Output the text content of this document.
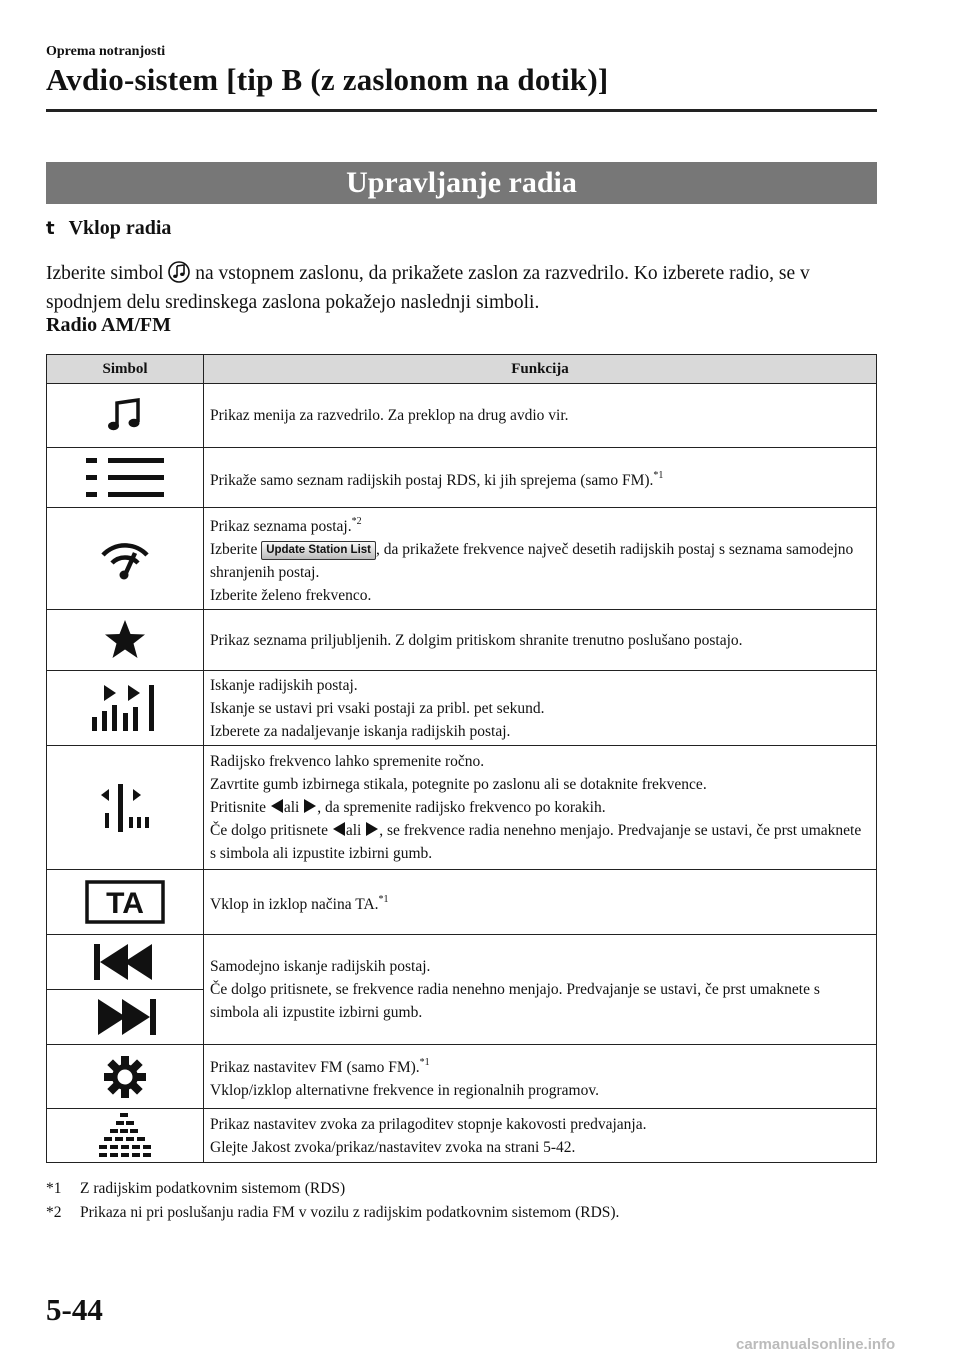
Oprema notranjosti
Avdio-sistem [tip B (z zaslonom na dotik)]
Upravljanje radia
t Vklop radia
Izberite simbol na vstopnem zaslonu, da prikažete zaslon za razvedrilo. Ko izberete radio, se v spodnjem delu sredinskega zaslona pokažejo naslednji simboli.
Radio AM/FM
Simbol	Funkcija

	Prikaz menija za razvedrilo. Za preklop na drug avdio vir.

	Prikaže samo seznam radijskih postaj RDS, ki jih sprejema (samo FM).$^{*1}$

Prikaz seznama postaj.$^{*2}$
Izberite Update Station List , da prikažete frekvence največ desetih radijskih postaj s seznama samodejno shranjenih postaj.
Izberite želeno frekvenco.

	Prikaz seznama priljubljenih. Z dolgim pritiskom shranite trenutno poslušano postajo.

Iskanje radijskih postaj.
Iskanje se ustavi pri vsaki postaji za pribl. pet sekund.
Izberete za nadaljevanje iskanja radijskih postaj.

Radijsko frekvenco lahko spremenite ročno.
Zavrtite gumb izbirnega stikala, potegnite po zaslonu ali se dotaknite frekvence.
Pritisnite ali , da spremenite radijsko frekvenco po korakih.
Če dolgo pritisnete ali , se frekvence radia nenehno menjajo. Predvajanje se ustavi, če prst umaknete s simbola ali izpustite izbirni gumb.

TA	Vklop in izklop načina TA.$^{*1}$

Samodejno iskanje radijskih postaj.
Če dolgo pritisnete, se frekvence radia nenehno menjajo. Predvajanje se ustavi, če prst umaknete s simbola ali izpustite izbirni gumb.

Prikaz nastavitev FM (samo FM).$^{*1}$
Vklop/izklop alternativne frekvence in regionalnih programov.

Prikaz nastavitev zvoka za prilagoditev stopnje kakovosti predvajanja.
Glejte Jakost zvoka/prikaz/nastavitev zvoka na strani 5-42.
*1 Z radijskim podatkovnim sistemom (RDS)
*2 Prikaza ni pri poslušanju radia FM v vozilu z radijskim podatkovnim sistemom (RDS).
5-44
carmanualsonline.info
